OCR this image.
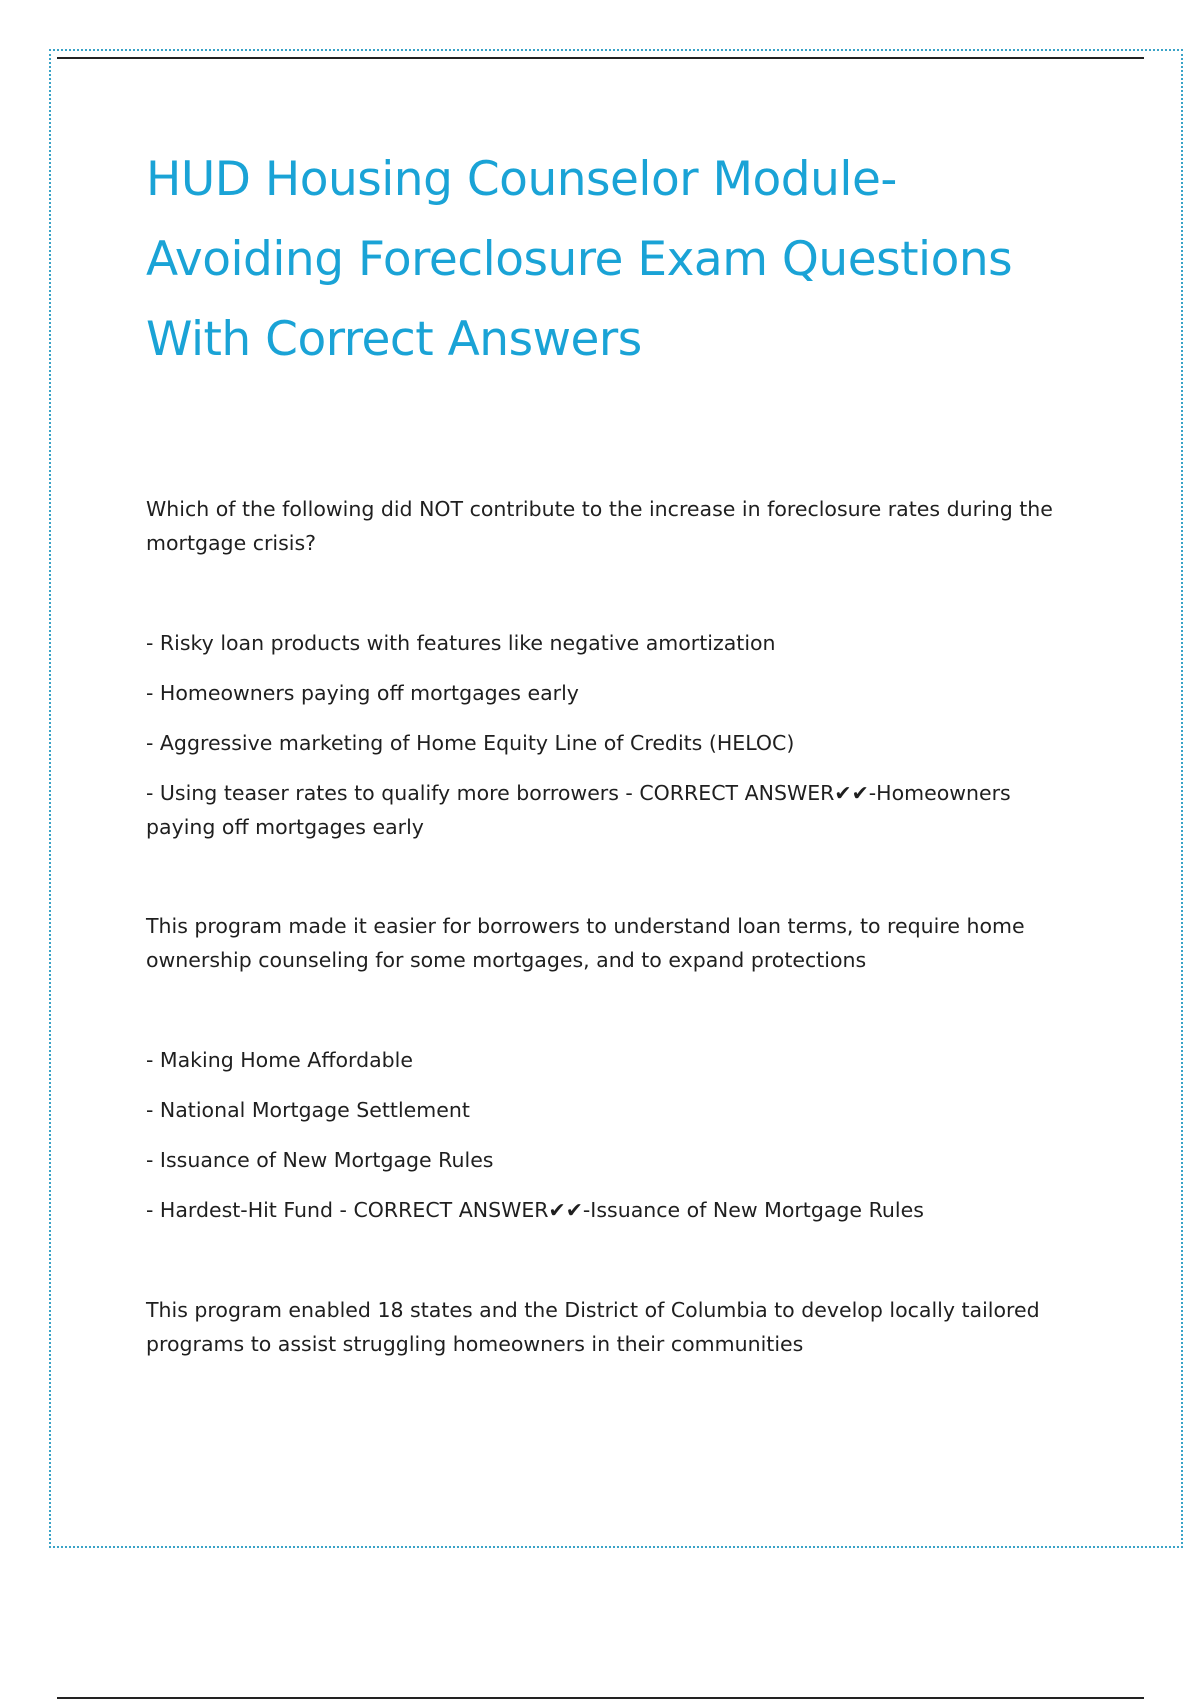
HUD Housing Counselor Module-
Avoiding Foreclosure Exam Questions
With Correct Answers

Which of the following did NOT contribute to the increase in foreclosure rates during the mortgage crisis?

- Risky loan products with features like negative amortization
- Homeowners paying off mortgages early
- Aggressive marketing of Home Equity Line of Credits (HELOC)
- Using teaser rates to qualify more borrowers - CORRECT ANSWER✔✔-Homeowners paying off mortgages early

This program made it easier for borrowers to understand loan terms, to require home ownership counseling for some mortgages, and to expand protections

- Making Home Affordable
- National Mortgage Settlement
- Issuance of New Mortgage Rules
- Hardest-Hit Fund - CORRECT ANSWER✔✔-Issuance of New Mortgage Rules

This program enabled 18 states and the District of Columbia to develop locally tailored programs to assist struggling homeowners in their communities
